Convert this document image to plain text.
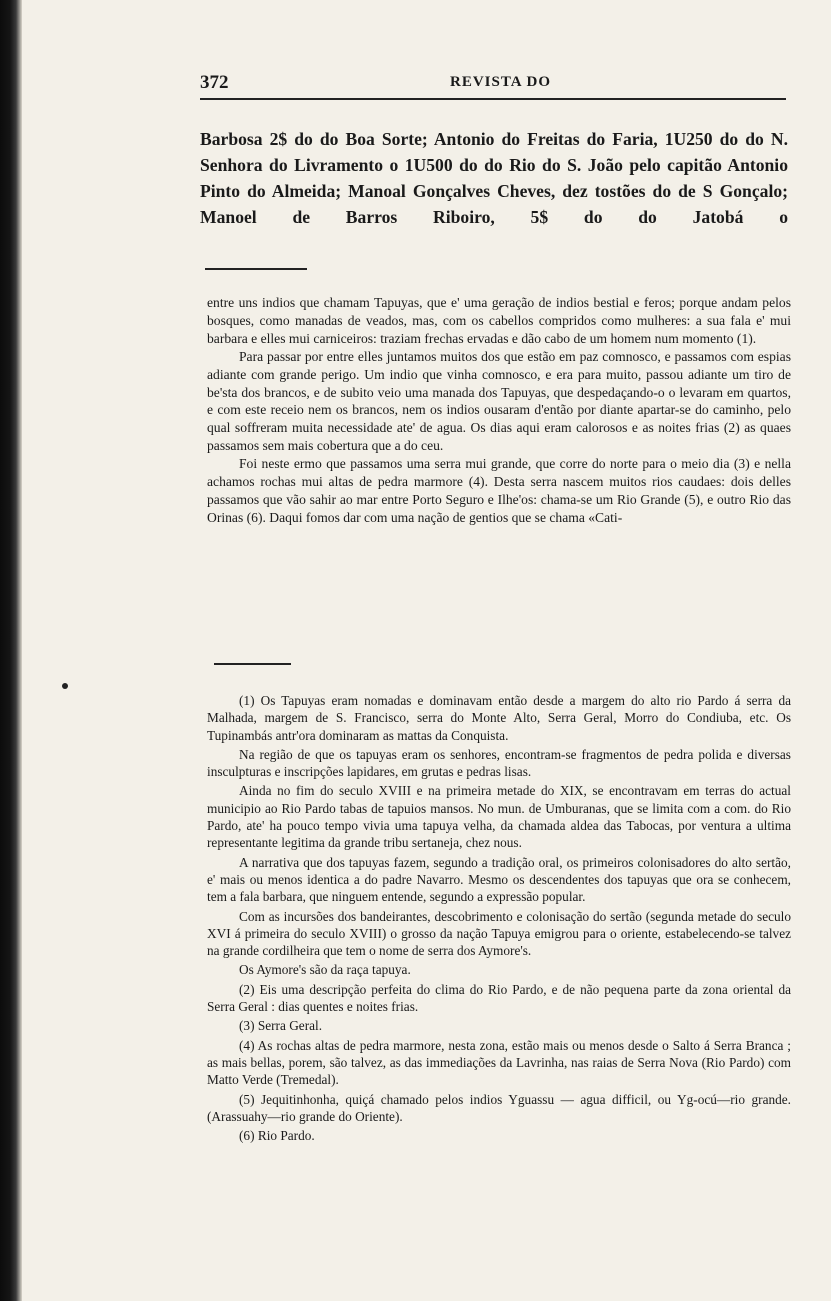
372	REVISTA DO
Barbosa 2$ do do Boa Sorte; Antonio do Freitas do Faria, 1U250 do do N. Senhora do Livramento o 1U500 do do Rio do S. João pelo capitão Antonio Pinto do Almeida; Manoal Gonçalves Cheves, dez tostões do de S Gonçalo; Manoel de Barros Riboiro, 5$ do do Jatobá o

entre uns indios que chamam Tapuyas, que e' uma geração de indios bestial e feros; porque andam pelos bosques, como manadas de veados, mas, com os cabellos compridos como mulheres: a sua fala e' mui barbara e elles mui carniceiros: traziam frechas ervadas e dão cabo de um homem num momento (1).

Para passar por entre elles juntamos muitos dos que estão em paz comnosco, e passamos com espias adiante com grande perigo. Um indio que vinha comnosco, e era para muito, passou adiante um tiro de be'sta dos brancos, e de subito veio uma manada dos Tapuyas, que despedaçando-o o levaram em quartos, e com este receio nem os brancos, nem os indios ousaram d'então por diante apartar-se do caminho, pelo qual soffreram muita necessidade ate' de agua. Os dias aqui eram calorosos e as noites frias (2) as quaes passamos sem mais cobertura que a do ceu.

Foi neste ermo que passamos uma serra mui grande, que corre do norte para o meio dia (3) e nella achamos rochas mui altas de pedra marmore (4). Desta serra nascem muitos rios caudaes: dois delles passamos que vão sahir ao mar entre Porto Seguro e Ilhe'os: chama-se um Rio Grande (5), e outro Rio das Orinas (6). Daqui fomos dar com uma nação de gentios que se chama «Cati-

(1) Os Tapuyas eram nomadas e dominavam então desde a margem do alto rio Pardo á serra da Malhada, margem de S. Francisco, serra do Monte Alto, Serra Geral, Morro do Condiuba, etc. Os Tupinambás antr'ora dominaram as mattas da Conquista.

Na região de que os tapuyas eram os senhores, encontram-se fragmentos de pedra polida e diversas insculpturas e inscripções lapidares, em grutas e pedras lisas.

Ainda no fim do seculo XVIII e na primeira metade do XIX, se encontravam em terras do actual municipio ao Rio Pardo tabas de tapuios mansos. No mun. de Umburanas, que se limita com a com. do Rio Pardo, ate' ha pouco tempo vivia uma tapuya velha, da chamada aldea das Tabocas, por ventura a ultima representante legitima da grande tribu sertaneja, chez nous.

A narrativa que dos tapuyas fazem, segundo a tradição oral, os primeiros colonisadores do alto sertão, e' mais ou menos identica a do padre Navarro. Mesmo os descendentes dos tapuyas que ora se conhecem, tem a fala barbara, que ninguem entende, segundo a expressão popular.

Com as incursões dos bandeirantes, descobrimento e colonisação do sertão (segunda metade do seculo XVI á primeira do seculo XVIII) o grosso da nação Tapuya emigrou para o oriente, estabelecendo-se talvez na grande cordilheira que tem o nome de serra dos Aymore's.

Os Aymore's são da raça tapuya.

(2) Eis uma descripção perfeita do clima do Rio Pardo, e de não pequena parte da zona oriental da Serra Geral : dias quentes e noites frias.

(3) Serra Geral.

(4) As rochas altas de pedra marmore, nesta zona, estão mais ou menos desde o Salto á Serra Branca ; as mais bellas, porem, são talvez, as das immediações da Lavrinha, nas raias de Serra Nova (Rio Pardo) com Matto Verde (Tremedal).

(5) Jequitinhonha, quiçá chamado pelos indios Yguassu — agua difficil, ou Yg-ocú—rio grande. (Arassuahy—rio grande do Oriente).

(6) Rio Pardo.
